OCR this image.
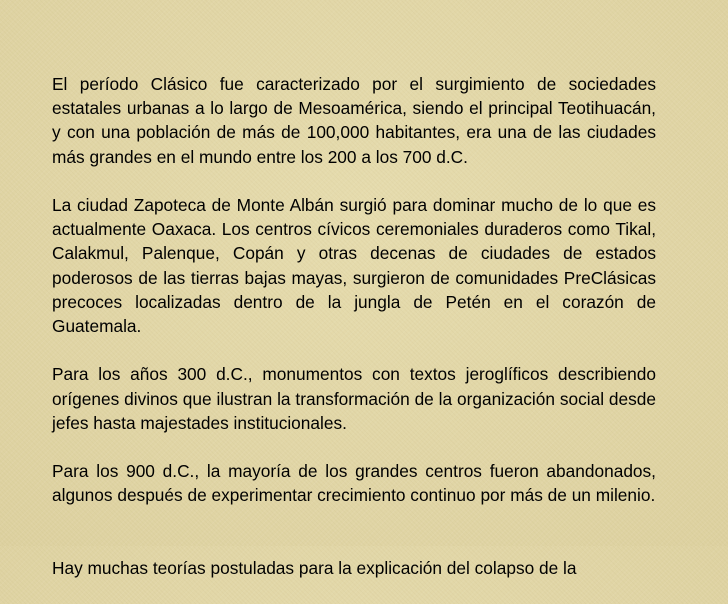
El período Clásico fue caracterizado por el surgimiento de sociedades estatales urbanas a lo largo de Mesoamérica, siendo el principal Teotihuacán, y con una población de más de 100,000 habitantes, era una de las ciudades más grandes en el mundo entre los 200 a los 700 d.C.

La ciudad Zapoteca de Monte Albán surgió para dominar mucho de lo que es actualmente Oaxaca. Los centros cívicos ceremoniales duraderos como Tikal, Calakmul, Palenque, Copán y otras decenas de ciudades de estados poderosos de las tierras bajas mayas, surgieron de comunidades PreClásicas precoces localizadas dentro de la jungla de Petén en el corazón de Guatemala.

Para los años 300 d.C., monumentos con textos jeroglíficos describiendo orígenes divinos que ilustran la transformación de la organización social desde jefes hasta majestades institucionales.

Para los 900 d.C., la mayoría de los grandes centros fueron abandonados, algunos después de experimentar crecimiento continuo por más de un milenio.

Hay muchas teorías postuladas para la explicación del colapso de la
